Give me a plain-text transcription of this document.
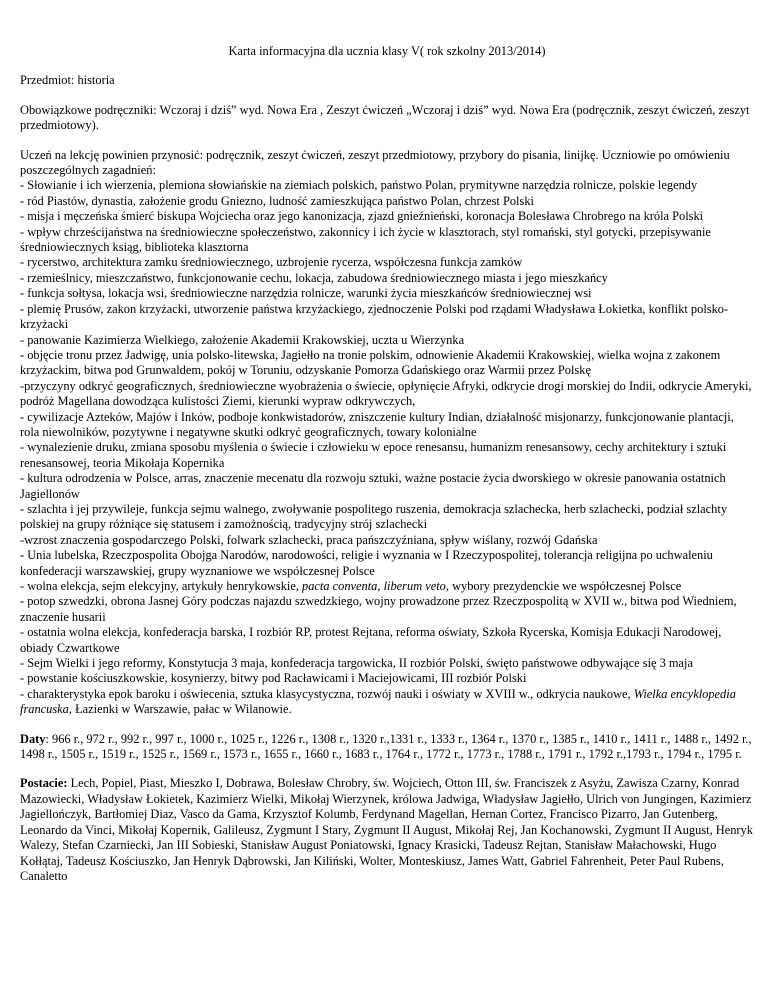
Karta informacyjna dla ucznia klasy V( rok szkolny 2013/2014)

Przedmiot: historia

Obowiązkowe podręczniki: Wczoraj i dziś” wyd. Nowa Era , Zeszyt ćwiczeń „Wczoraj i dziś” wyd. Nowa Era (podręcznik, zeszyt ćwiczeń, zeszyt przedmiotowy).

Uczeń na lekcję powinien przynosić: podręcznik, zeszyt ćwiczeń, zeszyt przedmiotowy, przybory do pisania, linijkę. Uczniowie po omówieniu poszczególnych zagadnień:
- Słowianie i ich wierzenia, plemiona słowiańskie na ziemiach polskich, państwo Polan, prymitywne narzędzia rolnicze, polskie legendy
- ród Piastów, dynastia, założenie grodu Gniezno, ludność zamieszkująca państwo Polan, chrzest Polski
- misja i męczeńska śmierć biskupa Wojciecha oraz jego kanonizacja, zjazd gnieźnieński, koronacja Bolesława Chrobrego na króla Polski
- wpływ chrześcijaństwa na średniowieczne społeczeństwo, zakonnicy i ich życie w klasztorach, styl romański, styl gotycki, przepisywanie średniowiecznych ksiąg, biblioteka klasztorna
- rycerstwo, architektura zamku średniowiecznego, uzbrojenie rycerza, współczesna funkcja zamków
- rzemieślnicy, mieszczaństwo, funkcjonowanie cechu, lokacja, zabudowa średniowiecznego miasta i jego mieszkańcy
- funkcja sołtysa, lokacja wsi, średniowieczne narzędzia rolnicze, warunki życia mieszkańców średniowiecznej wsi
- plemię Prusów, zakon krzyżacki, utworzenie państwa krzyżackiego, zjednoczenie Polski pod rządami Władysława Łokietka, konflikt polsko-krzyżacki
- panowanie Kazimierza Wielkiego, założenie Akademii Krakowskiej, uczta u Wierzynka
- objęcie tronu przez Jadwigę, unia polsko-litewska, Jagiełło na tronie polskim, odnowienie Akademii Krakowskiej, wielka wojna z zakonem krzyżackim, bitwa pod Grunwaldem, pokój w Toruniu, odzyskanie Pomorza Gdańskiego oraz Warmii przez Polskę
-przyczyny odkryć geograficznych, średniowieczne wyobrażenia o świecie, opłynięcie Afryki, odkrycie drogi morskiej do Indii, odkrycie Ameryki, podróż Magellana dowodząca kulistości Ziemi, kierunki wypraw odkrywczych,
- cywilizacje Azteków, Majów i Inków, podboje konkwistadorów, zniszczenie kultury Indian, działalność misjonarzy, funkcjonowanie plantacji, rola niewolników, pozytywne i negatywne skutki odkryć geograficznych, towary kolonialne
- wynalezienie druku, zmiana sposobu myślenia o świecie i człowieku w epoce renesansu, humanizm renesansowy, cechy architektury i sztuki renesansowej, teoria Mikołaja Kopernika
- kultura odrodzenia w Polsce, arras, znaczenie mecenatu dla rozwoju sztuki, ważne postacie życia dworskiego w okresie panowania ostatnich Jagiellonów
- szlachta i jej przywileje, funkcja sejmu walnego, zwoływanie pospolitego ruszenia, demokracja szlachecka, herb szlachecki, podział szlachty polskiej na grupy różniące się statusem i zamożnością, tradycyjny strój szlachecki
-wzrost znaczenia gospodarczego Polski, folwark szlachecki, praca pańszczyźniana, spływ wiślany, rozwój Gdańska
- Unia lubelska, Rzeczpospolita Obojga Narodów, narodowości, religie i wyznania w I Rzeczypospolitej, tolerancja religijna po uchwaleniu konfederacji warszawskiej, grupy wyznaniowe we współczesnej Polsce
- wolna elekcja, sejm elekcyjny, artykuły henrykowskie, pacta conventa, liberum veto, wybory prezydenckie we współczesnej Polsce
- potop szwedzki, obrona Jasnej Góry podczas najazdu szwedzkiego, wojny prowadzone przez Rzeczpospolitą w XVII w., bitwa pod Wiedniem, znaczenie husarii
- ostatnia wolna elekcja, konfederacja barska, I rozbiór RP, protest Rejtana, reforma oświaty, Szkoła Rycerska, Komisja Edukacji Narodowej, obiady Czwartkowe
- Sejm Wielki i jego reformy, Konstytucja 3 maja, konfederacja targowicka, II rozbiór Polski, święto państwowe odbywające się 3 maja
- powstanie kościuszkowskie, kosynierzy, bitwy pod Racławicami i Maciejowicami, III rozbiór Polski
- charakterystyka epok baroku i oświecenia, sztuka klasycystyczna, rozwój nauki i oświaty w XVIII w., odkrycia naukowe, Wielka encyklopedia francuska, Łazienki w Warszawie, pałac w Wilanowie.

Daty: 966 r., 972 r., 992 r., 997 r., 1000 r., 1025 r., 1226 r., 1308 r., 1320 r.,1331 r., 1333 r., 1364 r., 1370 r., 1385 r., 1410 r., 1411 r., 1488 r., 1492 r., 1498 r., 1505 r., 1519 r., 1525 r., 1569 r., 1573 r., 1655 r., 1660 r., 1683 r., 1764 r., 1772 r., 1773 r., 1788 r., 1791 r., 1792 r.,1793 r., 1794 r., 1795 r.

Postacie: Lech, Popiel, Piast, Mieszko I, Dobrawa, Bolesław Chrobry, św. Wojciech, Otton III, św. Franciszek z Asyżu, Zawisza Czarny, Konrad Mazowiecki, Władysław Łokietek, Kazimierz Wielki, Mikołaj Wierzynek, królowa Jadwiga, Władysław Jagiełło, Ulrich von Jungingen, Kazimierz Jagiellończyk, Bartłomiej Diaz, Vasco da Gama, Krzysztof Kolumb, Ferdynand Magellan, Hernan Cortez, Francisco Pizarro, Jan Gutenberg, Leonardo da Vinci, Mikołaj Kopernik, Galileusz, Zygmunt I Stary, Zygmunt II August, Mikołaj Rej, Jan Kochanowski, Zygmunt II August, Henryk Walezy, Stefan Czarniecki, Jan III Sobieski, Stanisław August Poniatowski, Ignacy Krasicki, Tadeusz Rejtan, Stanisław Małachowski, Hugo Kołłątaj, Tadeusz Kościuszko, Jan Henryk Dąbrowski, Jan Kiliński, Wolter, Monteskiusz, James Watt, Gabriel Fahrenheit, Peter Paul Rubens, Canaletto
